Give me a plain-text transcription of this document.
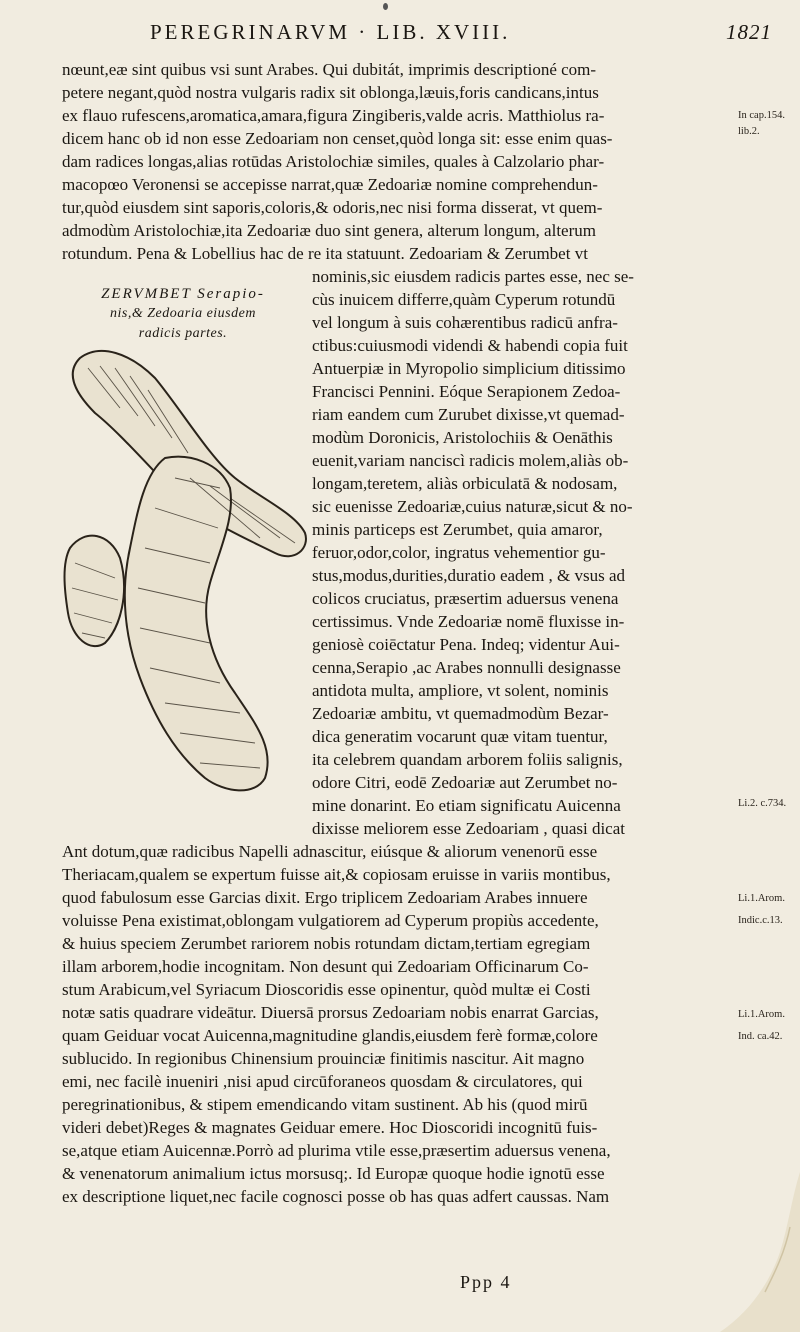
PEREGRINARVM · LIB. XVIII.	1821
nœunt,eæ sint quibus vsi sunt Arabes. Qui dubitát, imprimis descriptioné com-
petere negant,quòd nostra vulgaris radix sit oblonga,læuis,foris candicans,intus
ex flauo rufescens,aromatica,amara,figura Zingiberis,valde acris. Matthiolus ra-
dicem hanc ob id non esse Zedoariam non censet,quòd longa sit: esse enim quas-
dam radices longas,alias rotūdas Aristolochiæ similes, quales à Calzolario phar-
macopœo Veronensi se accepisse narrat,quæ Zedoariæ nomine comprehendun-
tur,quòd eiusdem sint saporis,coloris,& odoris,nec nisi forma disserat, vt quem-
admodùm Aristolochiæ,ita Zedoariæ duo sint genera, alterum longum, alterum
rotundum. Pena & Lobellius hac de re ita statuunt. Zedoariam & Zerumbet vt
ZERVMBET Serapio-
nis,& Zedoaria eiusdem
radicis partes.
nominis,sic eiusdem radicis partes esse, nec se-
cùs inuicem differre,quàm Cyperum rotundū
vel longum à suis cohærentibus radicū anfra-
ctibus:cuiusmodi videndi & habendi copia fuit
Antuerpiæ in Myropolio simplicium ditissimo
Francisci Pennini. Eóque Serapionem Zedoa-
riam eandem cum Zurubet dixisse,vt quemad-
modùm Doronicis, Aristolochiis & Oenāthis
euenit,variam nanciscì radicis molem,aliàs ob-
longam,teretem, aliàs orbiculatā & nodosam,
sic euenisse Zedoariæ,cuius naturæ,sicut & no-
minis particeps est Zerumbet, quia amaror,
feruor,odor,color, ingratus vehementior gu-
stus,modus,durities,duratio eadem , & vsus ad
colicos cruciatus, præsertim aduersus venena
certissimus. Vnde Zedoariæ nomē fluxisse in-
geniosè coiēctatur Pena. Indeq; videntur Aui-
cenna,Serapio ,ac Arabes nonnulli designasse
antidota multa, ampliore, vt solent, nominis
Zedoariæ ambitu, vt quemadmodùm Bezar-
dica generatim vocarunt quæ vitam tuentur,
ita celebrem quandam arborem foliis salignis,
odore Citri, eodē Zedoariæ aut Zerumbet no-
mine donarint. Eo etiam significatu Auicenna
dixisse meliorem esse Zedoariam , quasi dicat
Ant dotum,quæ radicibus Napelli adnascitur, eiúsque & aliorum venenorū esse
Theriacam,qualem se expertum fuisse ait,& copiosam eruisse in variis montibus,
quod fabulosum esse Garcias dixit. Ergo triplicem Zedoariam Arabes innuere
voluisse Pena existimat,oblongam vulgatiorem ad Cyperum propiùs accedente,
& huius speciem Zerumbet rariorem nobis rotundam dictam,tertiam egregiam
illam arborem,hodie incognitam. Non desunt qui Zedoariam Officinarum Co-
stum Arabicum,vel Syriacum Dioscoridis esse opinentur, quòd multæ ei Costi
notæ satis quadrare videātur. Diuersā prorsus Zedoariam nobis enarrat Garcias,
quam Geiduar vocat Auicenna,magnitudine glandis,eiusdem ferè formæ,colore
sublucido. In regionibus Chinensium prouinciæ finitimis nascitur. Ait magno
emi, nec facilè inueniri ,nisi apud circūforaneos quosdam & circulatores, qui
peregrinationibus, & stipem emendicando vitam sustinent. Ab his (quod mirū
videri debet)Reges & magnates Geiduar emere. Hoc Dioscoridi incognitū fuis-
se,atque etiam Auicennæ.Porrò ad plurima vtile esse,præsertim aduersus venena,
& venenatorum animalium ictus morsusq;. Id Europæ quoque hodie ignotū esse
ex descriptione liquet,nec facile cognosci posse ob has quas adfert caussas. Nam
In cap.154.
lib.2.
Li.2. c.734.
Li.1.Arom.
Indic.c.13.
Li.1.Arom.
Ind. ca.42.
Ppp 4
